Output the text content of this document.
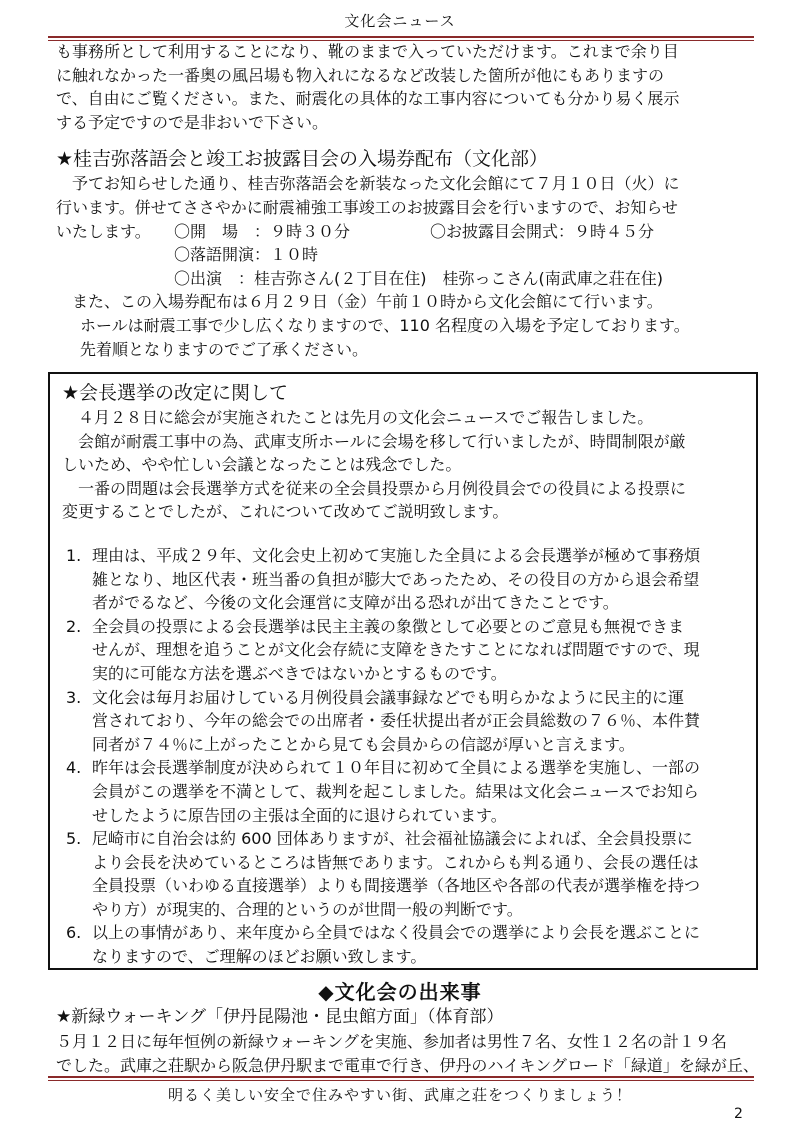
文化会ニュース

も事務所として利用することになり、靴のままで入っていただけます。これまで余り目

に触れなかった一番奥の風呂場も物入れになるなど改装した箇所が他にもありますの

で、自由にご覧ください。また、耐震化の具体的な工事内容についても分かり易く展示

する予定ですので是非おいで下さい。

★桂吉弥落語会と竣工お披露目会の入場券配布（文化部）

予てお知らせした通り、桂吉弥落語会を新装なった文化会館にて７月１０日（火）に

行います。併せてささやかに耐震補強工事竣工のお披露目会を行いますので、お知らせ

いたします。 〇開　場　：９時３０分	〇お披露目会開式：９時４５分
〇落語開演：１０時
〇出演　：桂吉弥さん(２丁目在住)　桂弥っこさん(南武庫之荘在住)

また、この入場券配布は６月２９日（金）午前１０時から文化会館にて行います。

ホールは耐震工事で少し広くなりますので、110 名程度の入場を予定しております。

先着順となりますのでご了承ください。

★会長選挙の改定に関して

４月２８日に総会が実施されたことは先月の文化会ニュースでご報告しました。

会館が耐震工事中の為、武庫支所ホールに会場を移して行いましたが、時間制限が厳

しいため、やや忙しい会議となったことは残念でした。

一番の問題は会長選挙方式を従来の全会員投票から月例役員会での役員による投票に

変更することでしたが、これについて改めてご説明致します。

1. 理由は、平成２９年、文化会史上初めて実施した全員による会長選挙が極めて事務煩
雑となり、地区代表・班当番の負担が膨大であったため、その役目の方から退会希望
者がでるなど、今後の文化会運営に支障が出る恐れが出てきたことです。
2. 全会員の投票による会長選挙は民主主義の象徴として必要とのご意見も無視できま
せんが、理想を追うことが文化会存続に支障をきたすことになれば問題ですので、現
実的に可能な方法を選ぶべきではないかとするものです。
3. 文化会は毎月お届けしている月例役員会議事録などでも明らかなように民主的に運
営されており、今年の総会での出席者・委任状提出者が正会員総数の７６％、本件賛
同者が７４％に上がったことから見ても会員からの信認が厚いと言えます。
4. 昨年は会長選挙制度が決められて１０年目に初めて全員による選挙を実施し、一部の
会員がこの選挙を不満として、裁判を起こしました。結果は文化会ニュースでお知ら
せしたように原告団の主張は全面的に退けられています。
5. 尼崎市に自治会は約 600 団体ありますが、社会福祉協議会によれば、全会員投票に
より会長を決めているところは皆無であります。これからも判る通り、会長の選任は
全員投票（いわゆる直接選挙）よりも間接選挙（各地区や各部の代表が選挙権を持つ
やり方）が現実的、合理的というのが世間一般の判断です。
6. 以上の事情があり、来年度から全員ではなく役員会での選挙により会長を選ぶことに
なりますので、ご理解のほどお願い致します。
◆文化会の出来事

★新緑ウォーキング「伊丹昆陽池・昆虫館方面」（体育部）

５月１２日に毎年恒例の新緑ウォーキングを実施、参加者は男性７名、女性１２名の計１９名

でした。武庫之荘駅から阪急伊丹駅まで電車で行き、伊丹のハイキングロード「緑道」を緑が丘、

明るく美しい安全で住みやすい街、武庫之荘をつくりましょう！
2
